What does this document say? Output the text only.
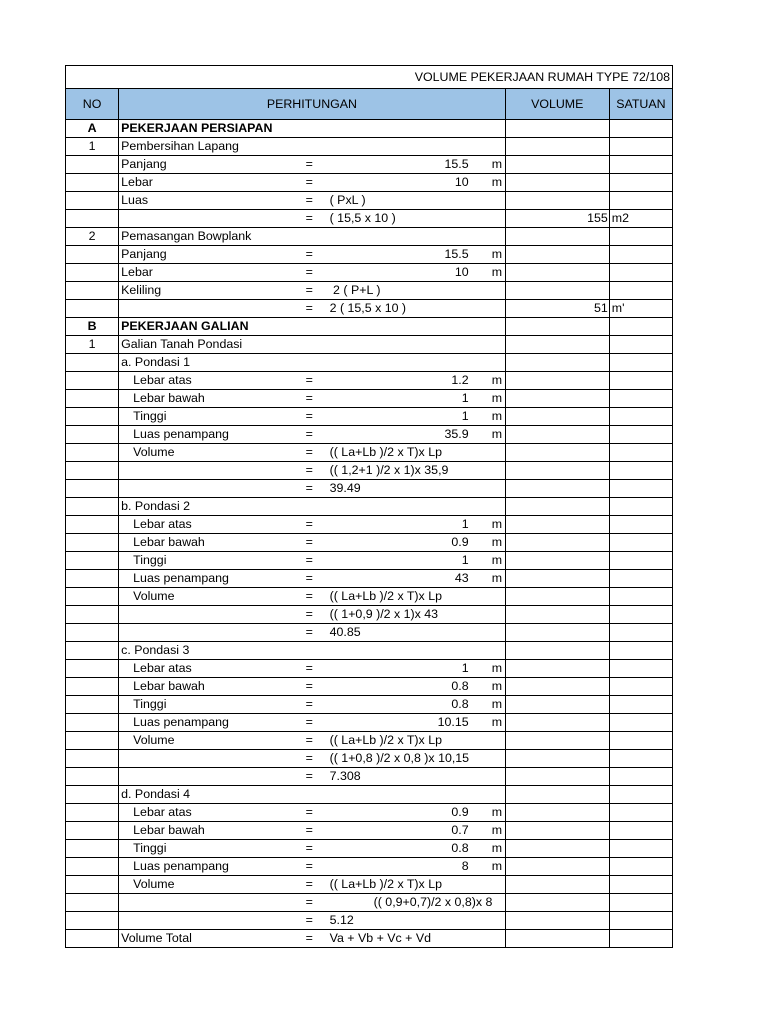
VOLUME PEKERJAAN RUMAH TYPE 72/108					
NO	PERHITUNGAN			VOLUME	SATUAN
A	PEKERJAAN PERSIAPAN				
1	Pembersihan Lapang				
	Panjang	= 15.5	m		
	Lebar	= 10	m		
	Luas	= ( PxL )			
		= ( 15,5 x 10 )		155	m2
2	Pemasangan Bowplank				
	Panjang	= 15.5	m		
	Lebar	= 10	m		
	Keliling	= 2 ( P+L )			
		= 2 ( 15,5 x 10 )		51	m'
B	PEKERJAAN GALIAN				
1	Galian Tanah Pondasi				
	a. Pondasi 1				
	Lebar atas	= 1.2	m		
	Lebar bawah	= 1	m		
	Tinggi	= 1	m		
	Luas penampang	= 35.9	m		
	Volume	= (( La+Lb )/2 x T)x Lp			
		= (( 1,2+1 )/2 x 1)x 35,9			
		= 39.49			
	b. Pondasi 2				
	Lebar atas	= 1	m		
	Lebar bawah	= 0.9	m		
	Tinggi	= 1	m		
	Luas penampang	= 43	m		
	Volume	= (( La+Lb )/2 x T)x Lp			
		= (( 1+0,9 )/2 x 1)x 43			
		= 40.85			
	c. Pondasi 3				
	Lebar atas	= 1	m		
	Lebar bawah	= 0.8	m		
	Tinggi	= 0.8	m		
	Luas penampang	= 10.15	m		
	Volume	= (( La+Lb )/2 x T)x Lp			
		= (( 1+0,8 )/2 x 0,8 )x 10,15			
		= 7.308			
	d. Pondasi 4				
	Lebar atas	= 0.9	m		
	Lebar bawah	= 0.7	m		
	Tinggi	= 0.8	m		
	Luas penampang	= 8	m		
	Volume	= (( La+Lb )/2 x T)x Lp			
		= (( 0,9+0,7)/2 x 0,8)x 8			
		= 5.12			
	Volume Total	= Va + Vb + Vc + Vd			
